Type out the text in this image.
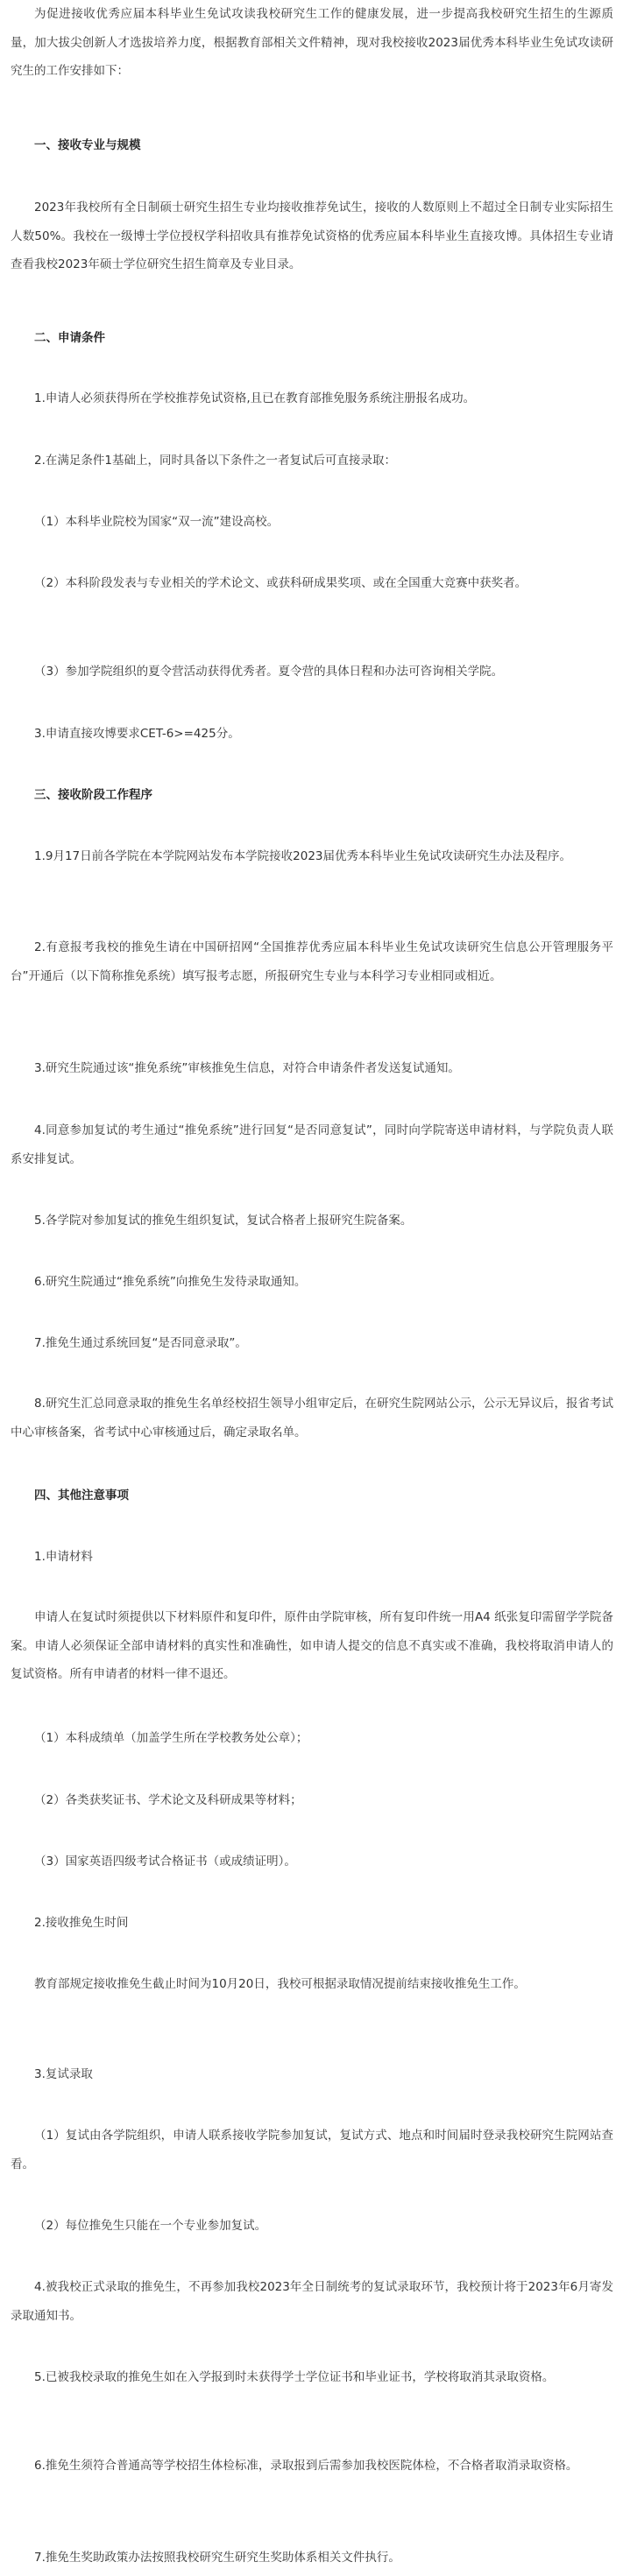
为促进接收优秀应届本科毕业生免试攻读我校研究生工作的健康发展，进一步提高我校研究生招生的生源质量，加大拔尖创新人才选拔培养力度，根据教育部相关文件精神，现对我校接收2023届优秀本科毕业生免试攻读研究生的工作安排如下：

一、接收专业与规模

2023年我校所有全日制硕士研究生招生专业均接收推荐免试生，接收的人数原则上不超过全日制专业实际招生人数50%。我校在一级博士学位授权学科招收具有推荐免试资格的优秀应届本科毕业生直接攻博。具体招生专业请查看我校2023年硕士学位研究生招生简章及专业目录。

二、申请条件

1.申请人必须获得所在学校推荐免试资格,且已在教育部推免服务系统注册报名成功。

2.在满足条件1基础上，同时具备以下条件之一者复试后可直接录取：

（1）本科毕业院校为国家“双一流”建设高校。

（2）本科阶段发表与专业相关的学术论文、或获科研成果奖项、或在全国重大竞赛中获奖者。

（3）参加学院组织的夏令营活动获得优秀者。夏令营的具体日程和办法可咨询相关学院。

3.申请直接攻博要求CET-6>=425分。

三、接收阶段工作程序

1.9月17日前各学院在本学院网站发布本学院接收2023届优秀本科毕业生免试攻读研究生办法及程序。

2.有意报考我校的推免生请在中国研招网“全国推荐优秀应届本科毕业生免试攻读研究生信息公开管理服务平台”开通后（以下简称推免系统）填写报考志愿，所报研究生专业与本科学习专业相同或相近。

3.研究生院通过该“推免系统”审核推免生信息，对符合申请条件者发送复试通知。

4.同意参加复试的考生通过“推免系统”进行回复“是否同意复试”，同时向学院寄送申请材料，与学院负责人联系安排复试。

5.各学院对参加复试的推免生组织复试，复试合格者上报研究生院备案。

6.研究生院通过“推免系统”向推免生发待录取通知。

7.推免生通过系统回复“是否同意录取”。

8.研究生汇总同意录取的推免生名单经校招生领导小组审定后，在研究生院网站公示，公示无异议后，报省考试中心审核备案，省考试中心审核通过后，确定录取名单。

四、其他注意事项

1.申请材料

申请人在复试时须提供以下材料原件和复印件，原件由学院审核，所有复印件统一用A4 纸张复印需留学学院备案。申请人必须保证全部申请材料的真实性和准确性，如申请人提交的信息不真实或不准确，我校将取消申请人的复试资格。所有申请者的材料一律不退还。

（1）本科成绩单（加盖学生所在学校教务处公章）；

（2）各类获奖证书、学术论文及科研成果等材料；

（3）国家英语四级考试合格证书（或成绩证明）。

2.接收推免生时间

教育部规定接收推免生截止时间为10月20日，我校可根据录取情况提前结束接收推免生工作。

3.复试录取

（1）复试由各学院组织，申请人联系接收学院参加复试，复试方式、地点和时间届时登录我校研究生院网站查看。

（2）每位推免生只能在一个专业参加复试。

4.被我校正式录取的推免生，不再参加我校2023年全日制统考的复试录取环节，我校预计将于2023年6月寄发录取通知书。

5.已被我校录取的推免生如在入学报到时未获得学士学位证书和毕业证书，学校将取消其录取资格。

6.推免生须符合普通高等学校招生体检标准，录取报到后需参加我校医院体检，不合格者取消录取资格。

7.推免生奖助政策办法按照我校研究生研究生奖助体系相关文件执行。
